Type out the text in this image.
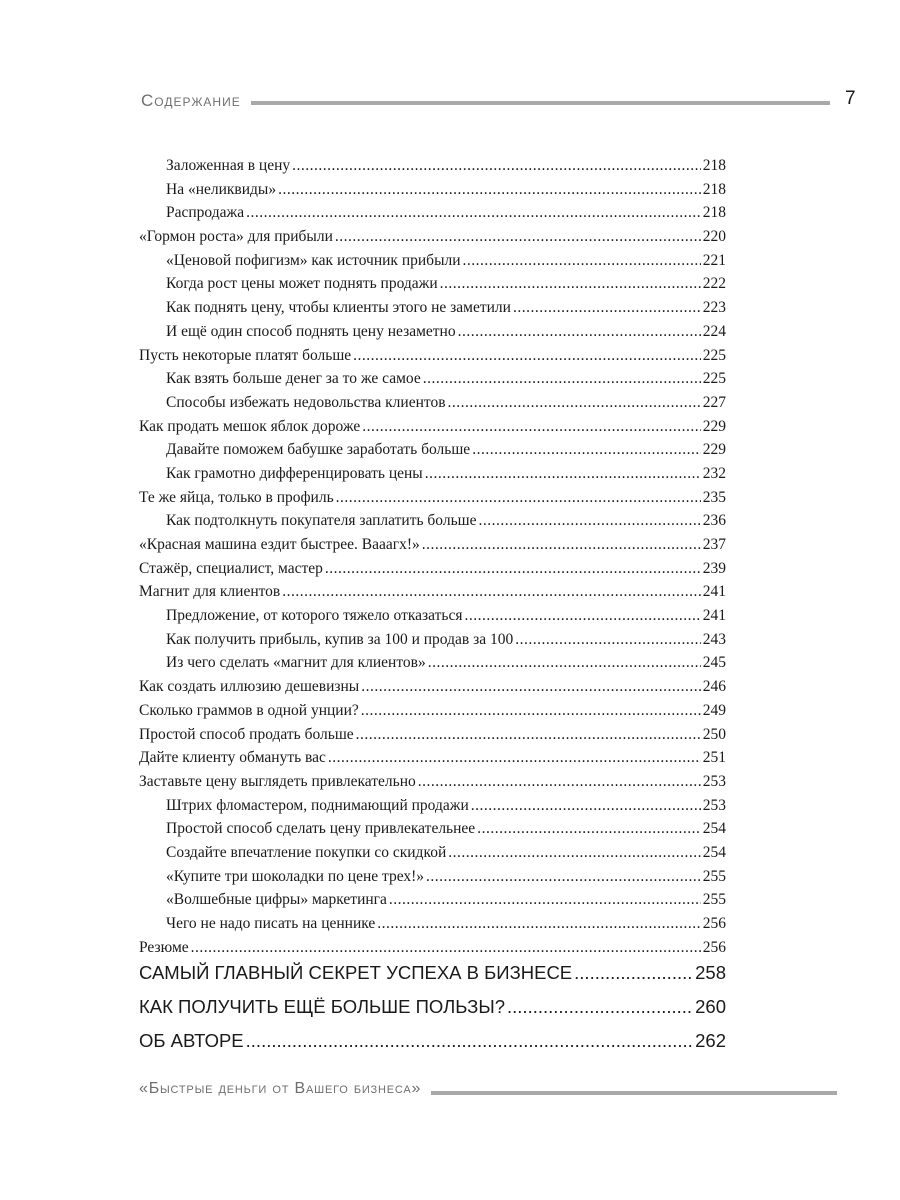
Содержание	7
Заложенная в цену .....	218
На «неликвиды» .....	218
Распродажа .....	218
«Гормон роста» для прибыли .....	220
«Ценовой пофигизм» как источник прибыли .....	221
Когда рост цены может поднять продажи .....	222
Как поднять цену, чтобы клиенты этого не заметили .....	223
И ещё один способ поднять цену незаметно .....	224
Пусть некоторые платят больше .....	225
Как взять больше денег за то же самое .....	225
Способы избежать недовольства клиентов .....	227
Как продать мешок яблок дороже .....	229
Давайте поможем бабушке заработать больше .....	229
Как грамотно дифференцировать цены .....	232
Те же яйца, только в профиль .....	235
Как подтолкнуть покупателя заплатить больше .....	236
«Красная машина ездит быстрее. Вааагх!» .....	237
Стажёр, специалист, мастер .....	239
Магнит для клиентов .....	241
Предложение, от которого тяжело отказаться .....	241
Как получить прибыль, купив за 100 и продав за 100 .....	243
Из чего сделать «магнит для клиентов» .....	245
Как создать иллюзию дешевизны .....	246
Сколько граммов в одной унции? .....	249
Простой способ продать больше .....	250
Дайте клиенту обмануть вас .....	251
Заставьте цену выглядеть привлекательно .....	253
Штрих фломастером, поднимающий продажи .....	253
Простой способ сделать цену привлекательнее .....	254
Создайте впечатление покупки со скидкой .....	254
«Купите три шоколадки по цене трех!» .....	255
«Волшебные цифры» маркетинга .....	255
Чего не надо писать на ценнике .....	256
Резюме .....	256
САМЫЙ ГЛАВНЫЙ СЕКРЕТ УСПЕХА В БИЗНЕСЕ .....	258
КАК ПОЛУЧИТЬ ЕЩЁ БОЛЬШЕ ПОЛЬЗЫ? .....	260
ОБ АВТОРЕ .....	262
«Быстрые деньги от Вашего бизнеса»
